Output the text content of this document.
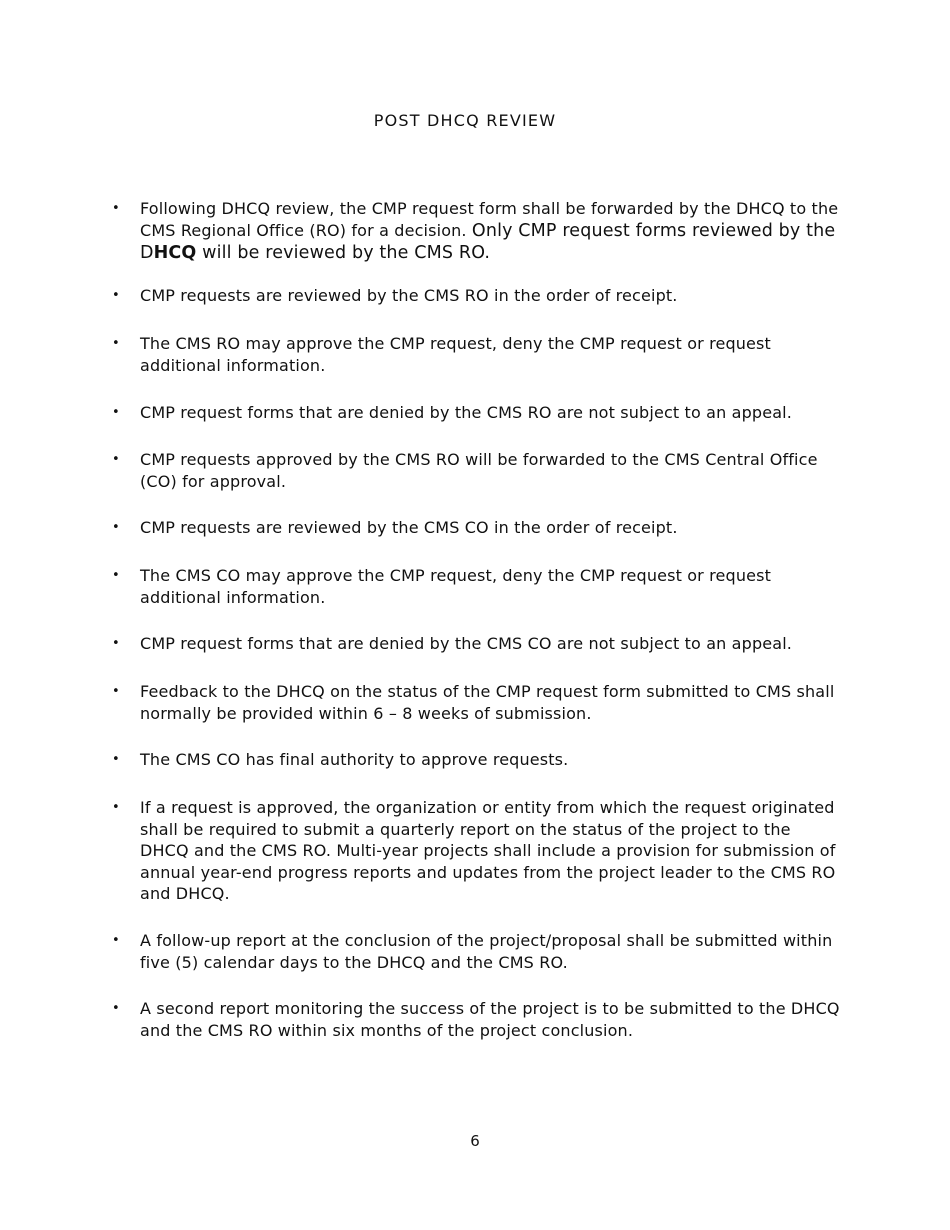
POST DHCQ REVIEW
• Following DHCQ review, the CMP request form shall be forwarded by the DHCQ to the CMS Regional Office (RO) for a decision. Only CMP request forms reviewed by the DHCQ will be reviewed by the CMS RO.
• CMP requests are reviewed by the CMS RO in the order of receipt.
• The CMS RO may approve the CMP request, deny the CMP request or request additional information.
• CMP request forms that are denied by the CMS RO are not subject to an appeal.
• CMP requests approved by the CMS RO will be forwarded to the CMS Central Office (CO) for approval.
• CMP requests are reviewed by the CMS CO in the order of receipt.
• The CMS CO may approve the CMP request, deny the CMP request or request additional information.
• CMP request forms that are denied by the CMS CO are not subject to an appeal.
• Feedback to the DHCQ on the status of the CMP request form submitted to CMS shall normally be provided within 6 – 8 weeks of submission.
• The CMS CO has final authority to approve requests.
• If a request is approved, the organization or entity from which the request originated shall be required to submit a quarterly report on the status of the project to the DHCQ and the CMS RO. Multi-year projects shall include a provision for submission of annual year-end progress reports and updates from the project leader to the CMS RO and DHCQ.
• A follow-up report at the conclusion of the project/proposal shall be submitted within five (5) calendar days to the DHCQ and the CMS RO.
• A second report monitoring the success of the project is to be submitted to the DHCQ and the CMS RO within six months of the project conclusion.
6
